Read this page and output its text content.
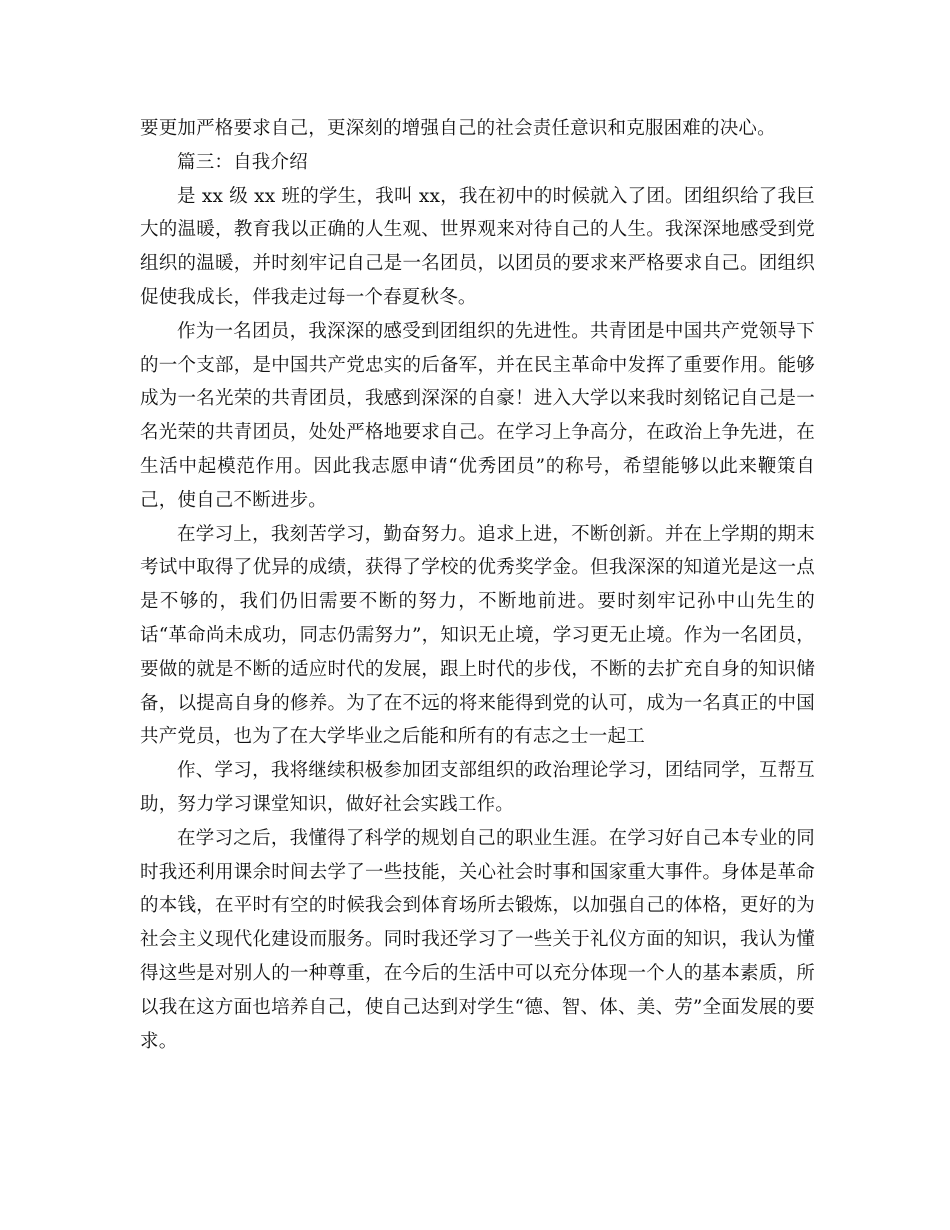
要更加严格要求自己，更深刻的增强自己的社会责任意识和克服困难的决心。

篇三：自我介绍

是 xx 级 xx 班的学生，我叫 xx，我在初中的时候就入了团。团组织给了我巨大的温暖，教育我以正确的人生观、世界观来对待自己的人生。我深深地感受到党组织的温暖，并时刻牢记自己是一名团员，以团员的要求来严格要求自己。团组织促使我成长，伴我走过每一个春夏秋冬。

作为一名团员，我深深的感受到团组织的先进性。共青团是中国共产党领导下的一个支部，是中国共产党忠实的后备军，并在民主革命中发挥了重要作用。能够成为一名光荣的共青团员，我感到深深的自豪！进入大学以来我时刻铭记自己是一名光荣的共青团员，处处严格地要求自己。在学习上争高分，在政治上争先进，在生活中起模范作用。因此我志愿申请“优秀团员”的称号，希望能够以此来鞭策自己，使自己不断进步。

在学习上，我刻苦学习，勤奋努力。追求上进，不断创新。并在上学期的期末考试中取得了优异的成绩，获得了学校的优秀奖学金。但我深深的知道光是这一点是不够的，我们仍旧需要不断的努力，不断地前进。要时刻牢记孙中山先生的话“革命尚未成功，同志仍需努力”，知识无止境，学习更无止境。作为一名团员，要做的就是不断的适应时代的发展，跟上时代的步伐，不断的去扩充自身的知识储备，以提高自身的修养。为了在不远的将来能得到党的认可，成为一名真正的中国共产党员，也为了在大学毕业之后能和所有的有志之士一起工

作、学习，我将继续积极参加团支部组织的政治理论学习，团结同学，互帮互助，努力学习课堂知识，做好社会实践工作。

在学习之后，我懂得了科学的规划自己的职业生涯。在学习好自己本专业的同时我还利用课余时间去学了一些技能，关心社会时事和国家重大事件。身体是革命的本钱，在平时有空的时候我会到体育场所去锻炼，以加强自己的体格，更好的为社会主义现代化建设而服务。同时我还学习了一些关于礼仪方面的知识，我认为懂得这些是对别人的一种尊重，在今后的生活中可以充分体现一个人的基本素质，所以我在这方面也培养自己，使自己达到对学生“德、智、体、美、劳”全面发展的要求。
